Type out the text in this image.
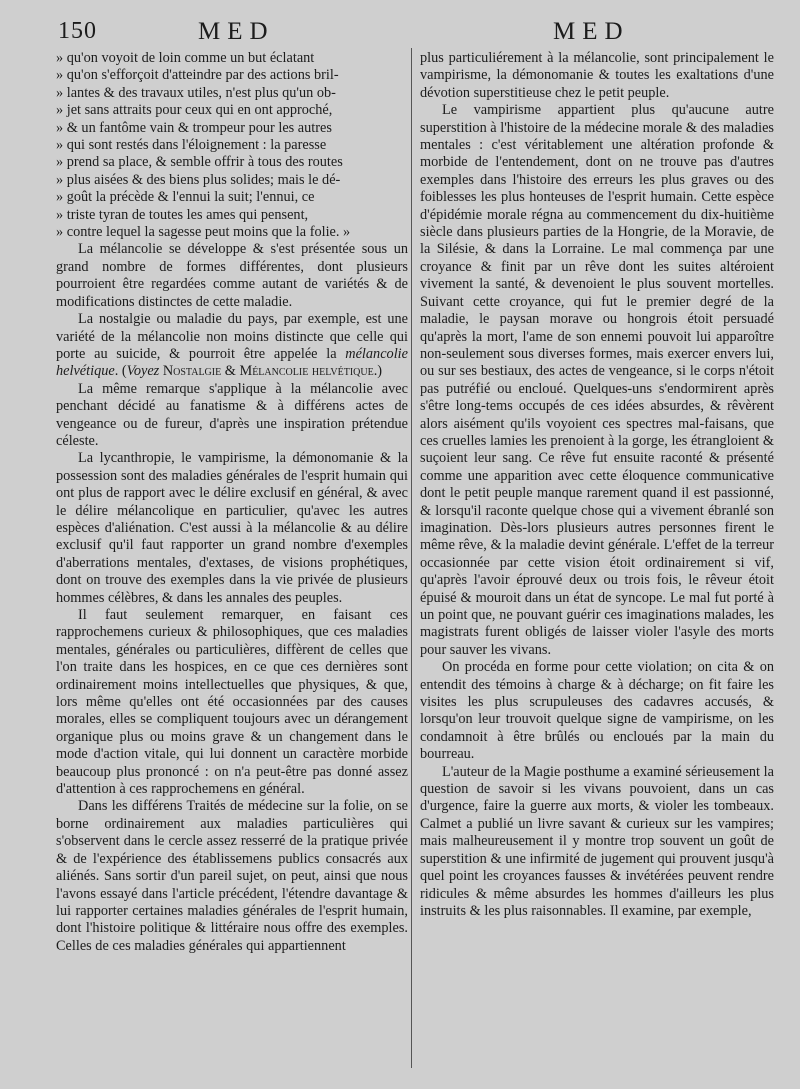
150	MED	MED
» qu'on voyoit de loin comme un but éclatant
» qu'on s'efforçoit d'atteindre par des actions bril-
» lantes & des travaux utiles, n'est plus qu'un ob-
» jet sans attraits pour ceux qui en ont approché,
» & un fantôme vain & trompeur pour les autres
» qui sont restés dans l'éloignement : la paresse
» prend sa place, & semble offrir à tous des routes
» plus aisées & des biens plus solides; mais le dé-
» goût la précède & l'ennui la suit; l'ennui, ce
» triste tyran de toutes les ames qui pensent,
» contre lequel la sagesse peut moins que la folie. »

La mélancolie se développe & s'est présentée sous un grand nombre de formes différentes, dont plusieurs pourroient être regardées comme autant de variétés & de modifications distinctes de cette maladie.

La nostalgie ou maladie du pays, par exemple, est une variété de la mélancolie non moins distincte que celle qui porte au suicide, & pourroit être appelée la mélancolie helvétique. (Voyez Nostalgie & Mélancolie helvétique.)

La même remarque s'applique à la mélancolie avec penchant décidé au fanatisme & à différens actes de vengeance ou de fureur, d'après une inspiration prétendue céleste.

La lycanthropie, le vampirisme, la démonomanie & la possession sont des maladies générales de l'esprit humain qui ont plus de rapport avec le délire exclusif en général, & avec le délire mélancolique en particulier, qu'avec les autres espèces d'aliénation. C'est aussi à la mélancolie & au délire exclusif qu'il faut rapporter un grand nombre d'exemples d'aberrations mentales, d'extases, de visions prophétiques, dont on trouve des exemples dans la vie privée de plusieurs hommes célèbres, & dans les annales des peuples.

Il faut seulement remarquer, en faisant ces rapprochemens curieux & philosophiques, que ces maladies mentales, générales ou particulières, diffèrent de celles que l'on traite dans les hospices, en ce que ces dernières sont ordinairement moins intellectuelles que physiques, & que, lors même qu'elles ont été occasionnées par des causes morales, elles se compliquent toujours avec un dérangement organique plus ou moins grave & un changement dans le mode d'action vitale, qui lui donnent un caractère morbide beaucoup plus prononcé : on n'a peut-être pas donné assez d'attention à ces rapprochemens en général.

Dans les différens Traités de médecine sur la folie, on se borne ordinairement aux maladies particulières qui s'observent dans le cercle assez resserré de la pratique privée & de l'expérience des établissemens publics consacrés aux aliénés. Sans sortir d'un pareil sujet, on peut, ainsi que nous l'avons essayé dans l'article précédent, l'étendre davantage & lui rapporter certaines maladies générales de l'esprit humain, dont l'histoire politique & littéraire nous offre des exemples. Celles de ces maladies générales qui appartiennent

plus particuliérement à la mélancolie, sont principalement le vampirisme, la démonomanie & toutes les exaltations d'une dévotion superstitieuse chez le petit peuple.

Le vampirisme appartient plus qu'aucune autre superstition à l'histoire de la médecine morale & des maladies mentales : c'est véritablement une altération profonde & morbide de l'entendement, dont on ne trouve pas d'autres exemples dans l'histoire des erreurs les plus graves ou des foiblesses les plus honteuses de l'esprit humain. Cette espèce d'épidémie morale régna au commencement du dix-huitième siècle dans plusieurs parties de la Hongrie, de la Moravie, de la Silésie, & dans la Lorraine. Le mal commença par une croyance & finit par un rêve dont les suites altéroient vivement la santé, & devenoient le plus souvent mortelles. Suivant cette croyance, qui fut le premier degré de la maladie, le paysan morave ou hongrois étoit persuadé qu'après la mort, l'ame de son ennemi pouvoit lui apparoître non-seulement sous diverses formes, mais exercer envers lui, ou sur ses bestiaux, des actes de vengeance, si le corps n'étoit pas putréfié ou encloué. Quelques-uns s'endormirent après s'être long-tems occupés de ces idées absurdes, & rêvèrent alors aisément qu'ils voyoient ces spectres mal-faisans, que ces cruelles lamies les prenoient à la gorge, les étrangloient & suçoient leur sang. Ce rêve fut ensuite raconté & présenté comme une apparition avec cette éloquence communicative dont le petit peuple manque rarement quand il est passionné, & lorsqu'il raconte quelque chose qui a vivement ébranlé son imagination. Dès-lors plusieurs autres personnes firent le même rêve, & la maladie devint générale. L'effet de la terreur occasionnée par cette vision étoit ordinairement si vif, qu'après l'avoir éprouvé deux ou trois fois, le rêveur étoit épuisé & mouroit dans un état de syncope. Le mal fut porté à un point que, ne pouvant guérir ces imaginations malades, les magistrats furent obligés de laisser violer l'asyle des morts pour sauver les vivans.

On procéda en forme pour cette violation; on cita & on entendit des témoins à charge & à décharge; on fit faire les visites les plus scrupuleuses des cadavres accusés, & lorsqu'on leur trouvoit quelque signe de vampirisme, on les condamnoit à être brûlés ou encloués par la main du bourreau.

L'auteur de la Magie posthume a examiné sérieusement la question de savoir si les vivans pouvoient, dans un cas d'urgence, faire la guerre aux morts, & violer les tombeaux. Calmet a publié un livre savant & curieux sur les vampires; mais malheureusement il y montre trop souvent un goût de superstition & une infirmité de jugement qui prouvent jusqu'à quel point les croyances fausses & invétérées peuvent rendre ridicules & même absurdes les hommes d'ailleurs les plus instruits & les plus raisonnables. Il examine, par exemple,
